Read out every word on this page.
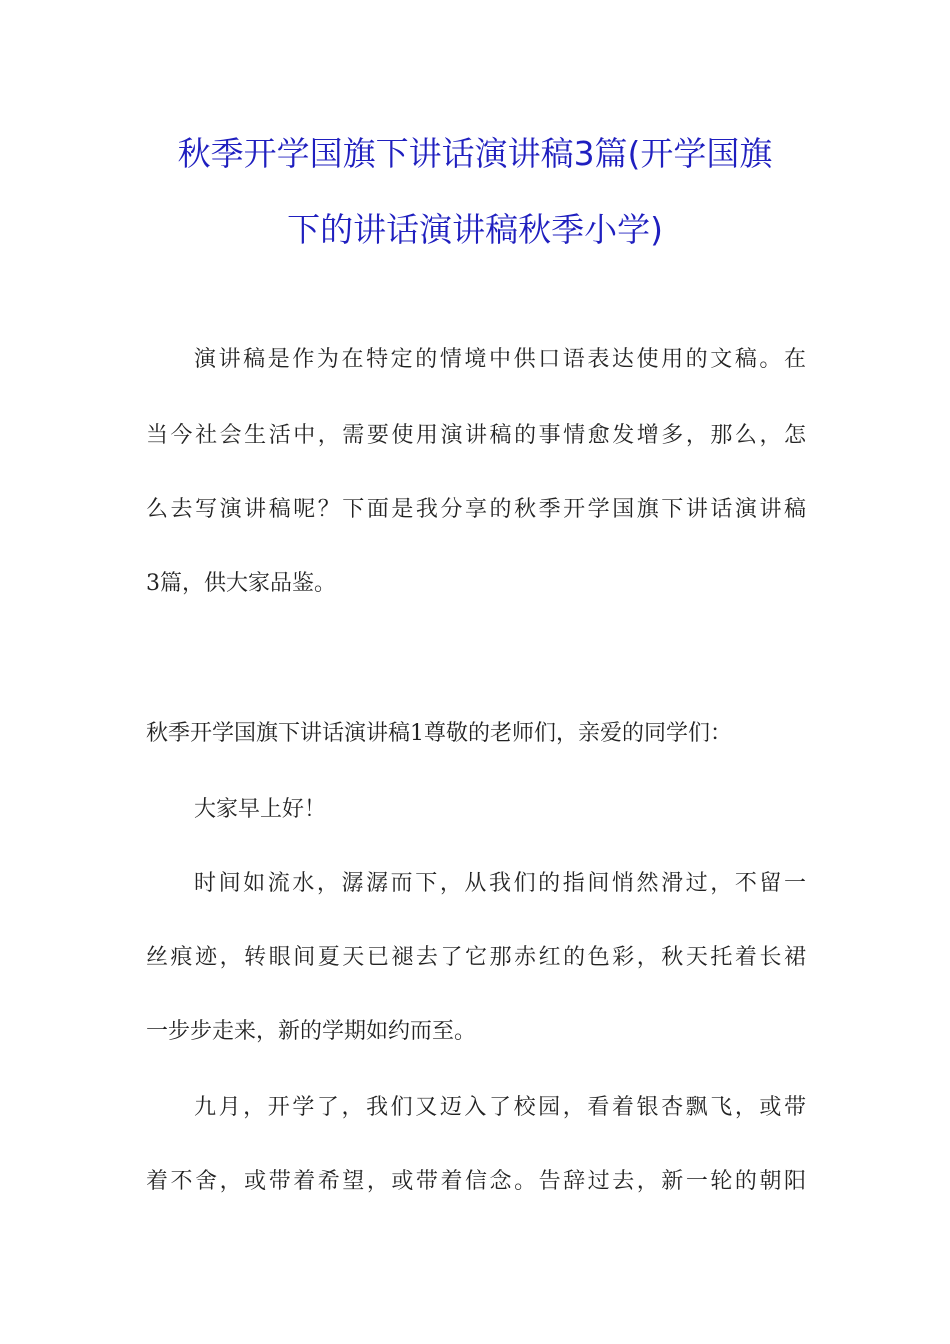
秋季开学国旗下讲话演讲稿3篇(开学国旗
下的讲话演讲稿秋季小学)
演讲稿是作为在特定的情境中供口语表达使用的文稿。在
当今社会生活中，需要使用演讲稿的事情愈发增多，那么，怎
么去写演讲稿呢？下面是我分享的秋季开学国旗下讲话演讲稿
3篇，供大家品鉴。
秋季开学国旗下讲话演讲稿1尊敬的老师们，亲爱的同学们：
大家早上好！
时间如流水，潺潺而下，从我们的指间悄然滑过，不留一
丝痕迹，转眼间夏天已褪去了它那赤红的色彩，秋天托着长裙
一步步走来，新的学期如约而至。
九月，开学了，我们又迈入了校园，看着银杏飘飞，或带
着不舍，或带着希望，或带着信念。告辞过去，新一轮的朝阳
